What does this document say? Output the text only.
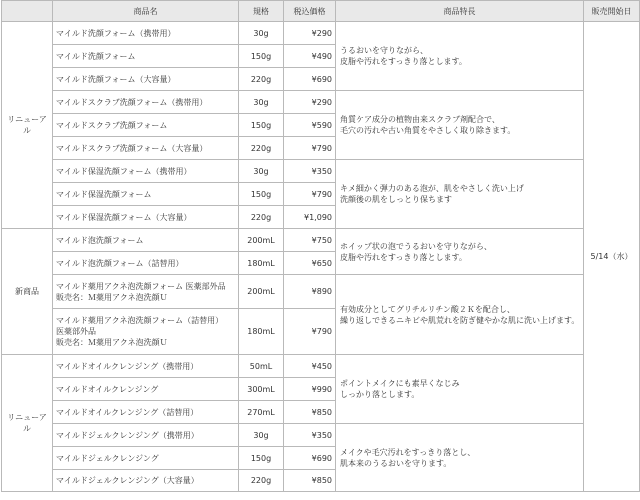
	商品名	規格	税込価格	商品特長	販売開始日
リニューアル	マイルド洗顔フォーム（携帯用）	30g	¥290	うるおいを守りながら、
皮脂や汚れをすっきり落とします。	5/14（水）

	マイルド洗顔フォーム	150g	¥490		

	マイルド洗顔フォーム（大容量）	220g	¥690		

	マイルドスクラブ洗顔フォーム（携帯用）	30g	¥290	角質ケア成分の植物由来スクラブ剤配合で、
毛穴の汚れや古い角質をやさしく取り除きます。	

	マイルドスクラブ洗顔フォーム	150g	¥590		

	マイルドスクラブ洗顔フォーム（大容量）	220g	¥790		

	マイルド保湿洗顔フォーム（携帯用）	30g	¥350	キメ細かく弾力のある泡が、肌をやさしく洗い上げ
洗顔後の肌をしっとり保ちます	

	マイルド保湿洗顔フォーム	150g	¥790		

	マイルド保湿洗顔フォーム（大容量）	220g	¥1,090		
新商品	マイルド泡洗顔フォーム	200mL	¥750	ホイップ状の泡でうるおいを守りながら、
皮脂や汚れをすっきり落とします。	

	マイルド泡洗顔フォーム（詰替用）	180mL	¥650		

	マイルド薬用アクネ泡洗顔フォーム 医薬部外品
販売名：Ｍ薬用アクネ泡洗顔Ｕ	200mL	¥890	有効成分としてグリチルリチン酸２Ｋを配合し、
繰り返しできるニキビや肌荒れを防ぎ健やかな肌に洗い上げます。	

	マイルド薬用アクネ泡洗顔フォーム（詰替用）
医薬部外品
販売名：Ｍ薬用アクネ泡洗顔Ｕ	180mL	¥790		
リニューアル	マイルドオイルクレンジング（携帯用）	50mL	¥450	ポイントメイクにも素早くなじみ
しっかり落とします。	

	マイルドオイルクレンジング	300mL	¥990		

	マイルドオイルクレンジング（詰替用）	270mL	¥850		

	マイルドジェルクレンジング（携帯用）	30g	¥350	メイクや毛穴汚れをすっきり落とし、
肌本来のうるおいを守ります。	

	マイルドジェルクレンジング	150g	¥690		

	マイルドジェルクレンジング（大容量）	220g	¥850		
